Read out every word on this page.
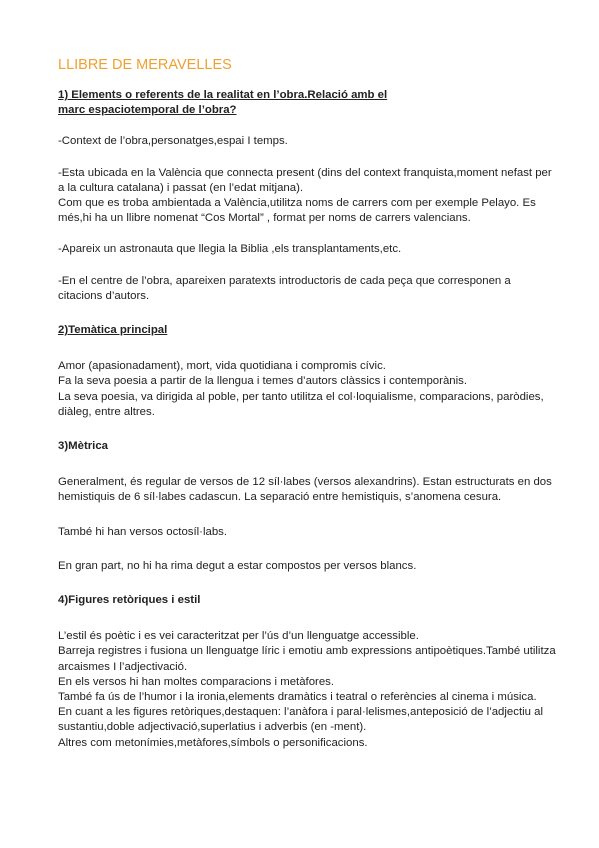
LLIBRE DE MERAVELLES

1) Elements o referents de la realitat en l’obra.Relació amb el

marc espaciotemporal de l’obra?

-Context de l’obra,personatges,espai I temps.

-Esta ubicada en la València que connecta present (dins del context franquista,moment nefast per a la cultura catalana) i passat (en l’edat mitjana).

Com que es troba ambientada a València,utilitza noms de carrers com per exemple Pelayo. Es més,hi ha un llibre nomenat “Cos Mortal” , format per noms de carrers valencians.

-Apareix un astronauta que llegia la Biblia ,els transplantaments,etc.

-En el centre de l’obra, apareixen paratexts introductoris de cada peça que corresponen a citacions d’autors.

2)Temàtica principal

Amor (apasionadament), mort, vida quotidiana i compromis cívic.

Fa la seva poesia a partir de la llengua i temes d’autors clàssics i contemporànis.

La seva poesia, va dirigida al poble, per tanto utilitza el col·loquialisme, comparacions, paròdies, diàleg, entre altres.

3)Mètrica

Generalment, és regular de versos de 12 síl·labes (versos alexandrins). Estan estructurats en dos hemistiquis de 6 síl·labes cadascun. La separació entre hemistiquis, s’anomena cesura.

També hi han versos octosíl·labs.

En gran part, no hi ha rima degut a estar compostos per versos blancs.

4)Figures retòriques i estil

L’estil és poètic i es vei caracteritzat per l’ús d’un llenguatge accessible.

Barreja registres i fusiona un llenguatge líric i emotiu amb expressions antipoètiques.També utilitza arcaismes I l’adjectivació.

En els versos hi han moltes comparacions i metàfores.

També fa ús de l’humor i la ironia,elements dramàtics i teatral o referències al cinema i música.

En cuant a les figures retòriques,destaquen: l’anàfora i paral·lelismes,anteposició de l’adjectiu al sustantiu,doble adjectivació,superlatius i adverbis (en -ment).

Altres com metonímies,metàfores,símbols o personificacions.
